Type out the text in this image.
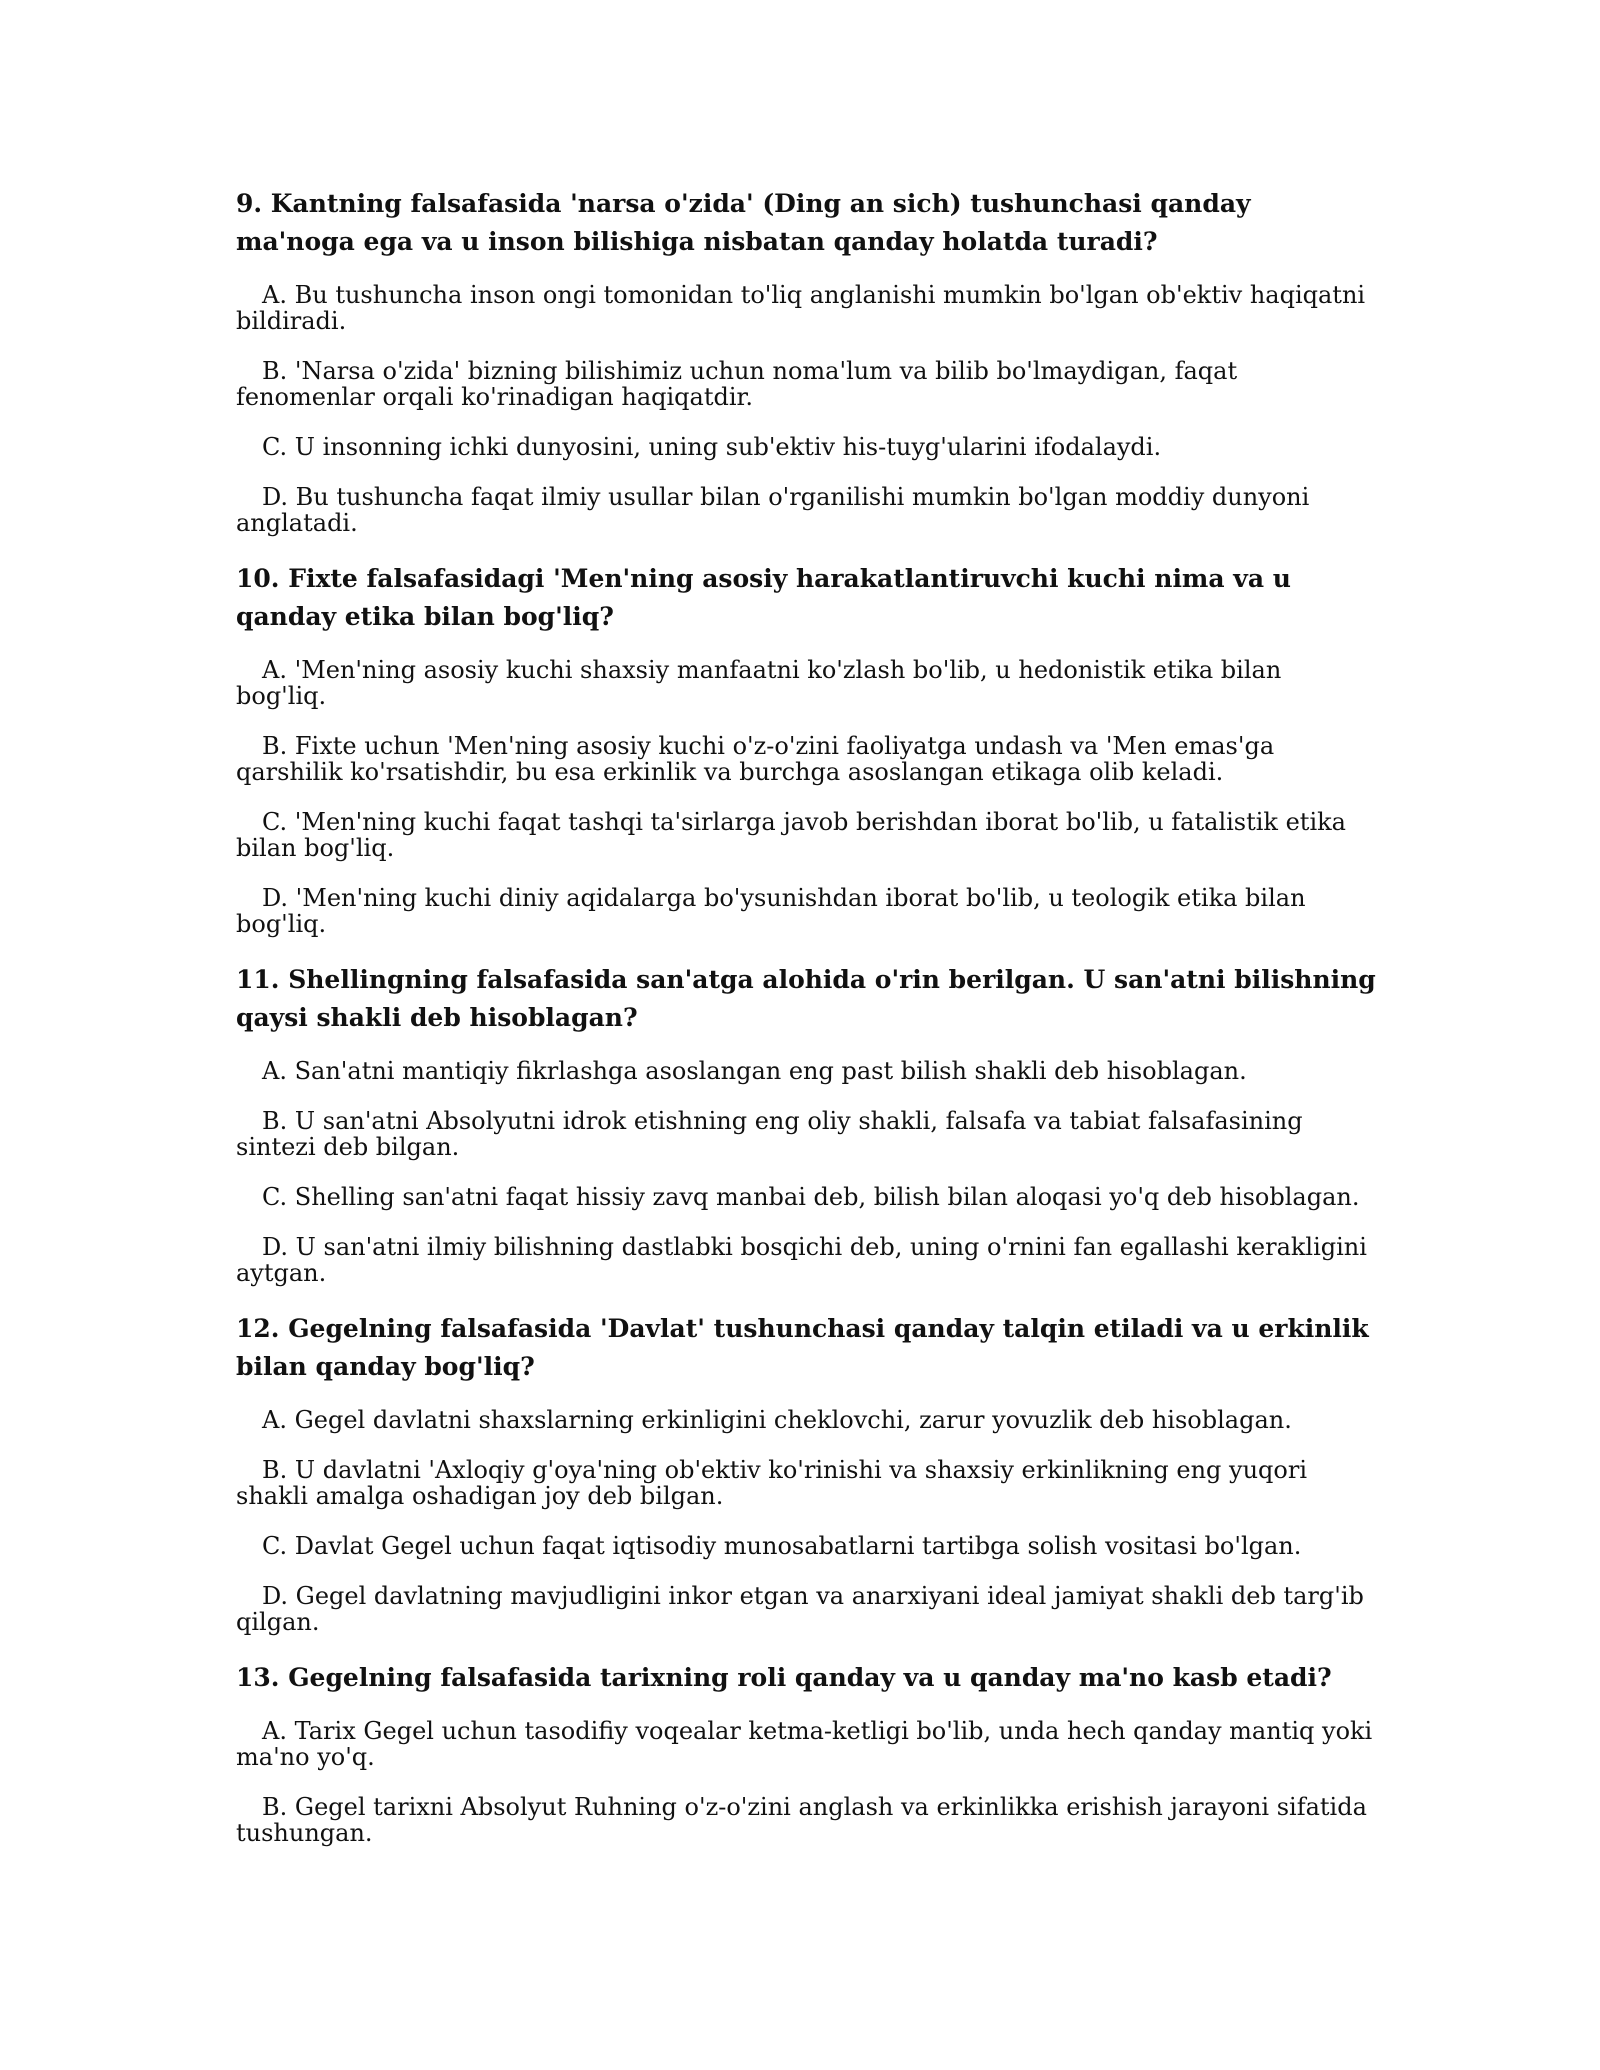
9. Kantning falsafasida 'narsa o'zida' (Ding an sich) tushunchasi qanday ma'noga ega va u inson bilishiga nisbatan qanday holatda turadi?

A. Bu tushuncha inson ongi tomonidan to'liq anglanishi mumkin bo'lgan ob'ektiv haqiqatni bildiradi.

B. 'Narsa o'zida' bizning bilishimiz uchun noma'lum va bilib bo'lmaydigan, faqat fenomenlar orqali ko'rinadigan haqiqatdir.

C. U insonning ichki dunyosini, uning sub'ektiv his-tuyg'ularini ifodalaydi.

D. Bu tushuncha faqat ilmiy usullar bilan o'rganilishi mumkin bo'lgan moddiy dunyoni anglatadi.

10. Fixte falsafasidagi 'Men'ning asosiy harakatlantiruvchi kuchi nima va u qanday etika bilan bog'liq?

A. 'Men'ning asosiy kuchi shaxsiy manfaatni ko'zlash bo'lib, u hedonistik etika bilan bog'liq.

B. Fixte uchun 'Men'ning asosiy kuchi o'z-o'zini faoliyatga undash va 'Men emas'ga qarshilik ko'rsatishdir, bu esa erkinlik va burchga asoslangan etikaga olib keladi.

C. 'Men'ning kuchi faqat tashqi ta'sirlarga javob berishdan iborat bo'lib, u fatalistik etika bilan bog'liq.

D. 'Men'ning kuchi diniy aqidalarga bo'ysunishdan iborat bo'lib, u teologik etika bilan bog'liq.

11. Shellingning falsafasida san'atga alohida o'rin berilgan. U san'atni bilishning qaysi shakli deb hisoblagan?

A. San'atni mantiqiy fikrlashga asoslangan eng past bilish shakli deb hisoblagan.

B. U san'atni Absolyutni idrok etishning eng oliy shakli, falsafa va tabiat falsafasining sintezi deb bilgan.

C. Shelling san'atni faqat hissiy zavq manbai deb, bilish bilan aloqasi yo'q deb hisoblagan.

D. U san'atni ilmiy bilishning dastlabki bosqichi deb, uning o'rnini fan egallashi kerakligini aytgan.

12. Gegelning falsafasida 'Davlat' tushunchasi qanday talqin etiladi va u erkinlik bilan qanday bog'liq?

A. Gegel davlatni shaxslarning erkinligini cheklovchi, zarur yovuzlik deb hisoblagan.

B. U davlatni 'Axloqiy g'oya'ning ob'ektiv ko'rinishi va shaxsiy erkinlikning eng yuqori shakli amalga oshadigan joy deb bilgan.

C. Davlat Gegel uchun faqat iqtisodiy munosabatlarni tartibga solish vositasi bo'lgan.

D. Gegel davlatning mavjudligini inkor etgan va anarxiyani ideal jamiyat shakli deb targ'ib qilgan.

13. Gegelning falsafasida tarixning roli qanday va u qanday ma'no kasb etadi?

A. Tarix Gegel uchun tasodifiy voqealar ketma-ketligi bo'lib, unda hech qanday mantiq yoki ma'no yo'q.

B. Gegel tarixni Absolyut Ruhning o'z-o'zini anglash va erkinlikka erishish jarayoni sifatida tushungan.
